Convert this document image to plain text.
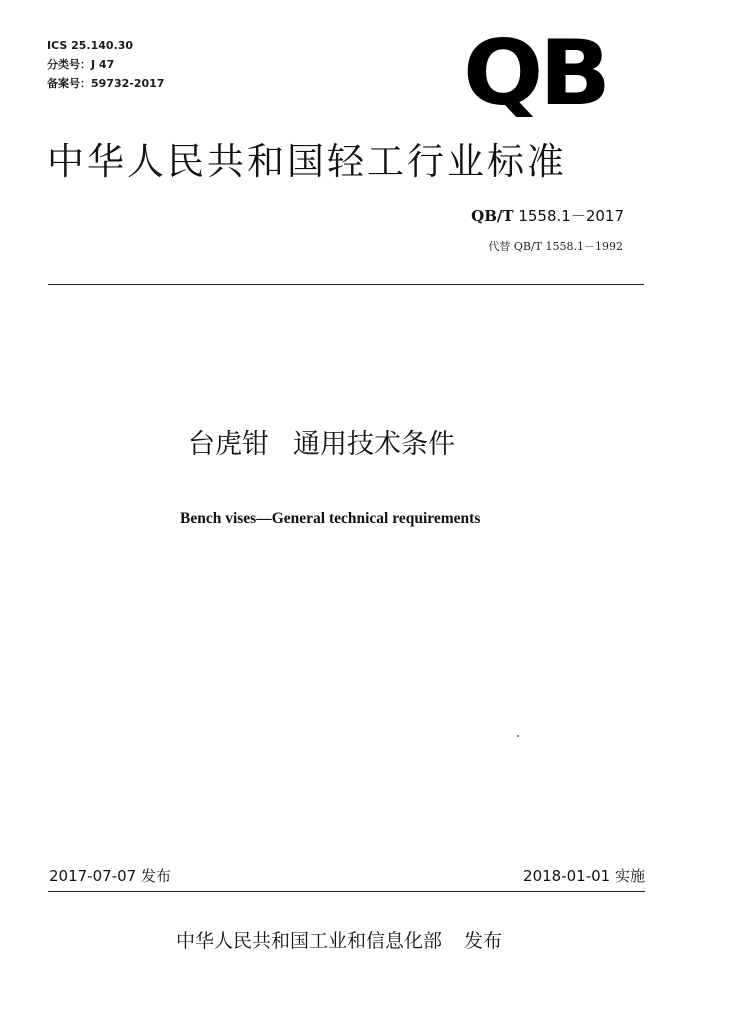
ICS 25.140.30
分类号：J 47
备案号：59732-2017	QB
中华人民共和国轻工行业标准
QB/T 1558.1－2017
代替 QB/T 1558.1－1992
台虎钳 通用技术条件
Bench vises—General technical requirements
2017-07-07 发布	2018-01-01 实施
中华人民共和国工业和信息化部 发布
